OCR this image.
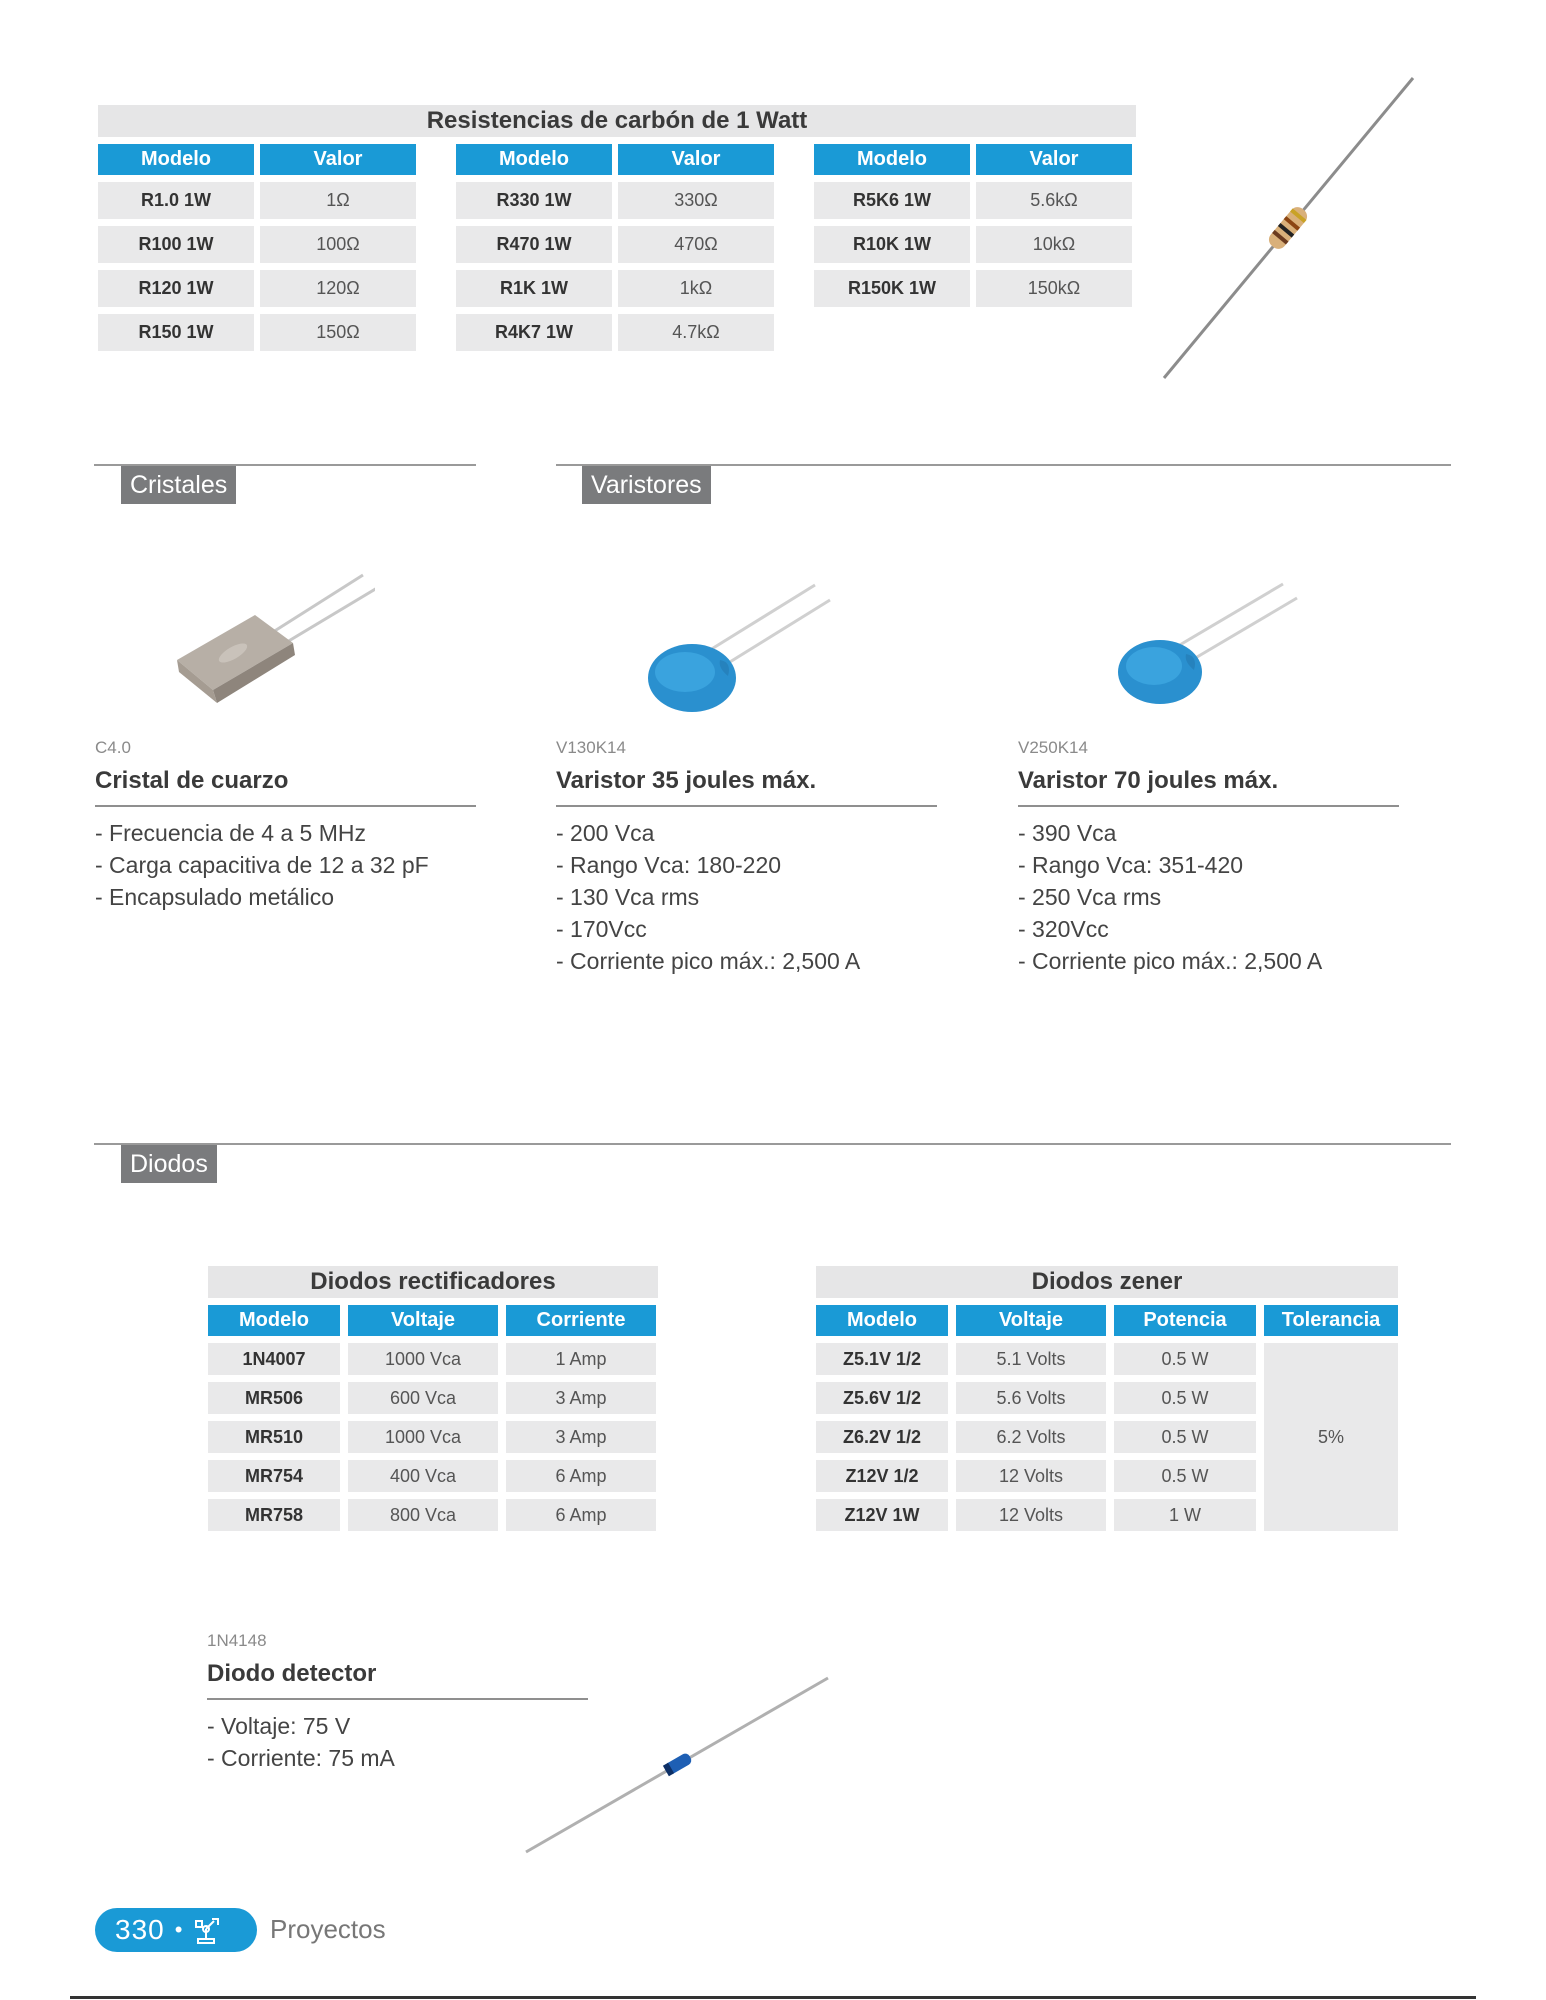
Resistencias de carbón de 1 Watt
Modelo	Valor
R1.0 1W	1Ω
R100 1W	100Ω
R120 1W	120Ω
R150 1W	150Ω
Modelo	Valor
R330 1W	330Ω
R470 1W	470Ω
R1K 1W	1kΩ
R4K7 1W	4.7kΩ
Modelo	Valor
R5K6 1W	5.6kΩ
R10K 1W	10kΩ
R150K 1W	150kΩ
Cristales	Varistores
C4.0
Cristal de cuarzo
- Frecuencia de 4 a 5 MHz
- Carga capacitiva de 12 a 32 pF
- Encapsulado metálico
V130K14
Varistor 35 joules máx.
- 200 Vca
- Rango Vca: 180-220
- 130 Vca rms
- 170Vcc
- Corriente pico máx.: 2,500 A
V250K14
Varistor 70 joules máx.
- 390 Vca
- Rango Vca: 351-420
- 250 Vca rms
- 320Vcc
- Corriente pico máx.: 2,500 A
Diodos
Diodos rectificadores
Modelo	Voltaje	Corriente
1N4007	1000 Vca	1 Amp
MR506	600 Vca	3 Amp
MR510	1000 Vca	3 Amp
MR754	400 Vca	6 Amp
MR758	800 Vca	6 Amp
Diodos zener
Modelo	Voltaje	Potencia	Tolerancia
Z5.1V 1/2	5.1 Volts	0.5 W
Z5.6V 1/2	5.6 Volts	0.5 W
Z6.2V 1/2	6.2 Volts	0.5 W
Z12V 1/2	12 Volts	0.5 W
Z12V 1W	12 Volts	1 W
5%
1N4148
Diodo detector
- Voltaje: 75 V
- Corriente: 75 mA
330 •	Proyectos
